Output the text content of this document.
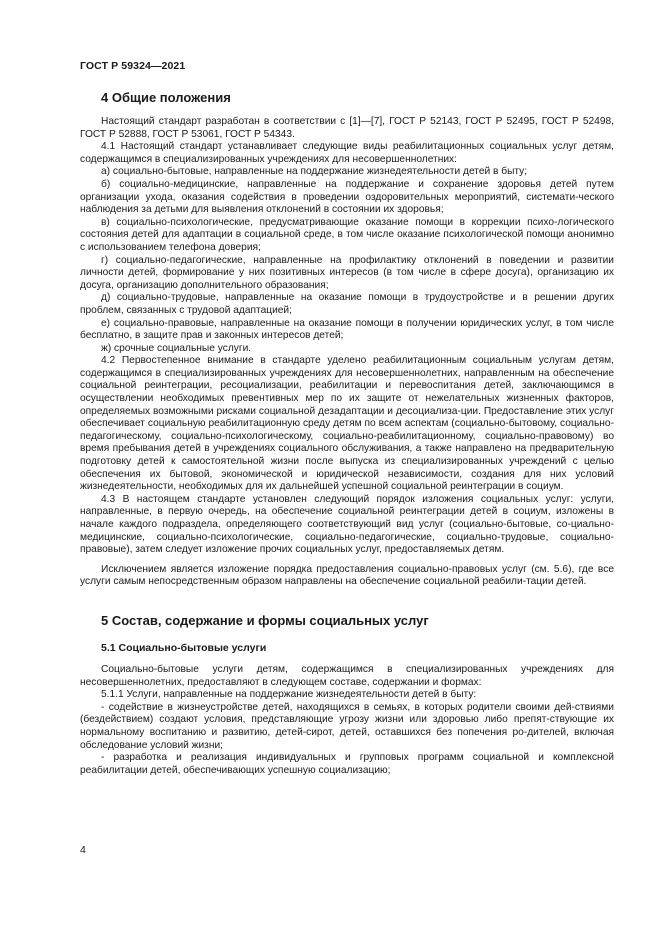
ГОСТ Р 59324—2021
4 Общие положения

Настоящий стандарт разработан в соответствии с [1]—[7], ГОСТ Р 52143, ГОСТ Р 52495, ГОСТ Р 52498, ГОСТ Р 52888, ГОСТ Р 53061, ГОСТ Р 54343.

4.1 Настоящий стандарт устанавливает следующие виды реабилитационных социальных услуг детям, содержащимся в специализированных учреждениях для несовершеннолетних:

а) социально-бытовые, направленные на поддержание жизнедеятельности детей в быту;

б) социально-медицинские, направленные на поддержание и сохранение здоровья детей путем организации ухода, оказания содействия в проведении оздоровительных мероприятий, системати-ческого наблюдения за детьми для выявления отклонений в состоянии их здоровья;

в) социально-психологические, предусматривающие оказание помощи в коррекции психо-логического состояния детей для адаптации в социальной среде, в том числе оказание психологической помощи анонимно с использованием телефона доверия;

г) социально-педагогические, направленные на профилактику отклонений в поведении и развитии личности детей, формирование у них позитивных интересов (в том числе в сфере досуга), организацию их досуга, организацию дополнительного образования;

д) социально-трудовые, направленные на оказание помощи в трудоустройстве и в решении других проблем, связанных с трудовой адаптацией;

е) социально-правовые, направленные на оказание помощи в получении юридических услуг, в том числе бесплатно, в защите прав и законных интересов детей;

ж) срочные социальные услуги.

4.2 Первостепенное внимание в стандарте уделено реабилитационным социальным услугам детям, содержащимся в специализированных учреждениях для несовершеннолетних, направленным на обеспечение социальной реинтеграции, ресоциализации, реабилитации и перевоспитания детей, заключающимся в осуществлении необходимых превентивных мер по их защите от нежелательных жизненных факторов, определяемых возможными рисками социальной дезадаптации и десоциализа-ции. Предоставление этих услуг обеспечивает социальную реабилитационную среду детям по всем аспектам (социально-бытовому, социально-педагогическому, социально-психологическому, социально-реабилитационному, социально-правовому) во время пребывания детей в учреждениях социального обслуживания, а также направлено на предварительную подготовку детей к самостоятельной жизни после выпуска из специализированных учреждений с целью обеспечения их бытовой, экономической и юридической независимости, создания для них условий жизнедеятельности, необходимых для их дальнейшей успешной социальной реинтеграции в социум.

4.3 В настоящем стандарте установлен следующий порядок изложения социальных услуг: услуги, направленные, в первую очередь, на обеспечение социальной реинтеграции детей в социум, изложены в начале каждого подраздела, определяющего соответствующий вид услуг (социально-бытовые, со-циально-медицинские, социально-психологические, социально-педагогические, социально-трудовые, социально-правовые), затем следует изложение прочих социальных услуг, предоставляемых детям.

Исключением является изложение порядка предоставления социально-правовых услуг (см. 5.6), где все услуги самым непосредственным образом направлены на обеспечение социальной реабили-тации детей.

5 Состав, содержание и формы социальных услуг
5.1 Социально-бытовые услуги

Социально-бытовые услуги детям, содержащимся в специализированных учреждениях для несовершеннолетних, предоставляют в следующем составе, содержании и формах:

5.1.1 Услуги, направленные на поддержание жизнедеятельности детей в быту:

- содействие в жизнеустройстве детей, находящихся в семьях, в которых родители своими дей-ствиями (бездействием) создают условия, представляющие угрозу жизни или здоровью либо препят-ствующие их нормальному воспитанию и развитию, детей-сирот, детей, оставшихся без попечения ро-дителей, включая обследование условий жизни;

- разработка и реализация индивидуальных и групповых программ социальной и комплексной реабилитации детей, обеспечивающих успешную социализацию;

4
